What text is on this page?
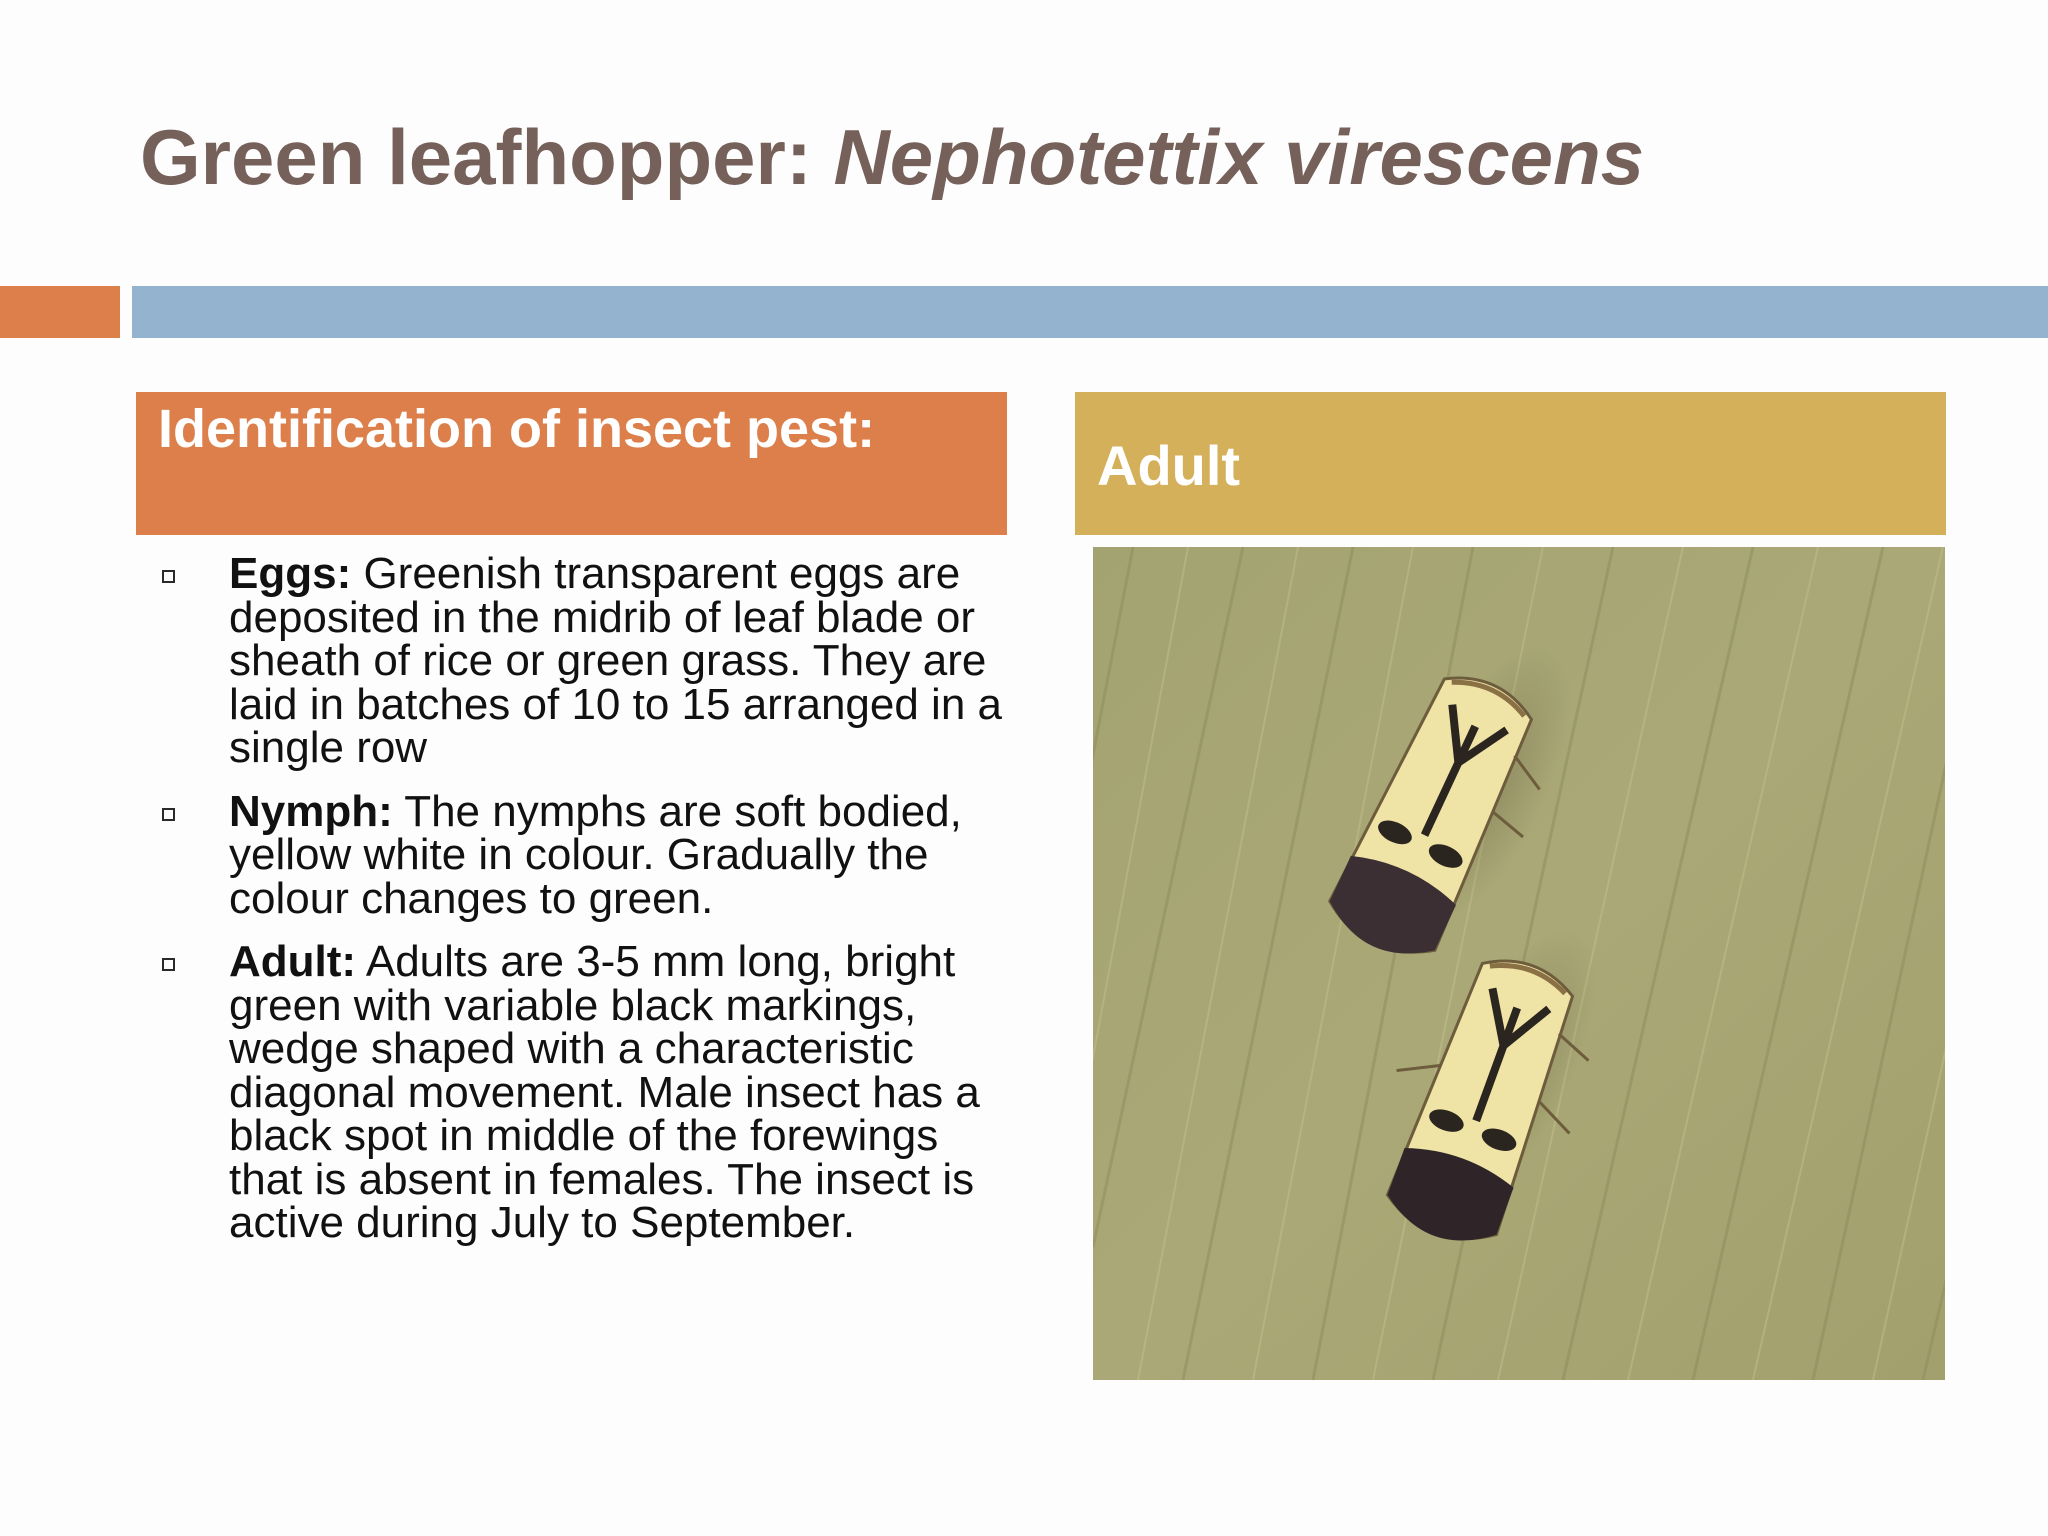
Green leafhopper: Nephotettix virescens
Identification of insect pest:
Adult
Eggs: Greenish transparent eggs are deposited in the midrib of leaf blade or sheath of rice or green grass. They are laid in batches of 10 to 15 arranged in a single row
Nymph: The nymphs are soft bodied, yellow white in colour. Gradually the colour changes to green.
Adult: Adults are 3-5 mm long, bright green with variable black markings, wedge shaped with a characteristic diagonal movement. Male insect has a black spot in middle of the forewings that is absent in females. The insect is active during July to September.
